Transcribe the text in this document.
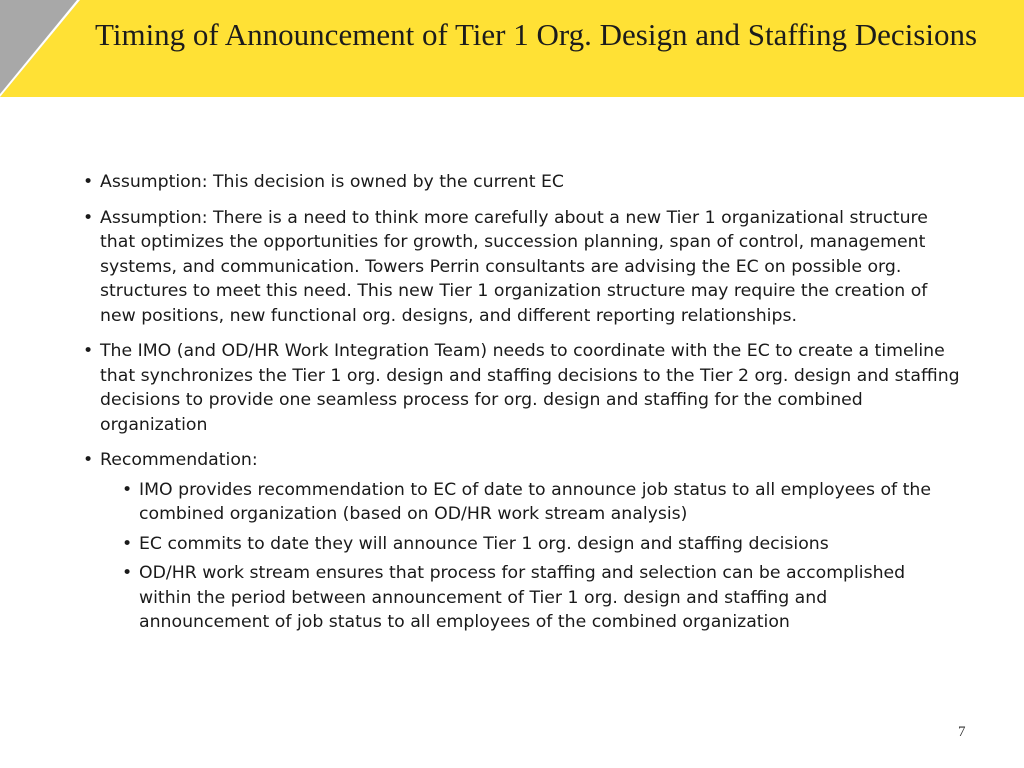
Timing of Announcement of Tier 1 Org. Design and Staffing Decisions
• Assumption: This decision is owned by the current EC
• Assumption: There is a need to think more carefully about a new Tier 1 organizational structure that optimizes the opportunities for growth, succession planning, span of control, management systems, and communication. Towers Perrin consultants are advising the EC on possible org. structures to meet this need. This new Tier 1 organization structure may require the creation of new positions, new functional org. designs, and different reporting relationships.
• The IMO (and OD/HR Work Integration Team) needs to coordinate with the EC to create a timeline that synchronizes the Tier 1 org. design and staffing decisions to the Tier 2 org. design and staffing decisions to provide one seamless process for org. design and staffing for the combined organization
• Recommendation:
• IMO provides recommendation to EC of date to announce job status to all employees of the combined organization (based on OD/HR work stream analysis)
• EC commits to date they will announce Tier 1 org. design and staffing decisions
• OD/HR work stream ensures that process for staffing and selection can be accomplished within the period between announcement of Tier 1 org. design and staffing and announcement of job status to all employees of the combined organization
7
